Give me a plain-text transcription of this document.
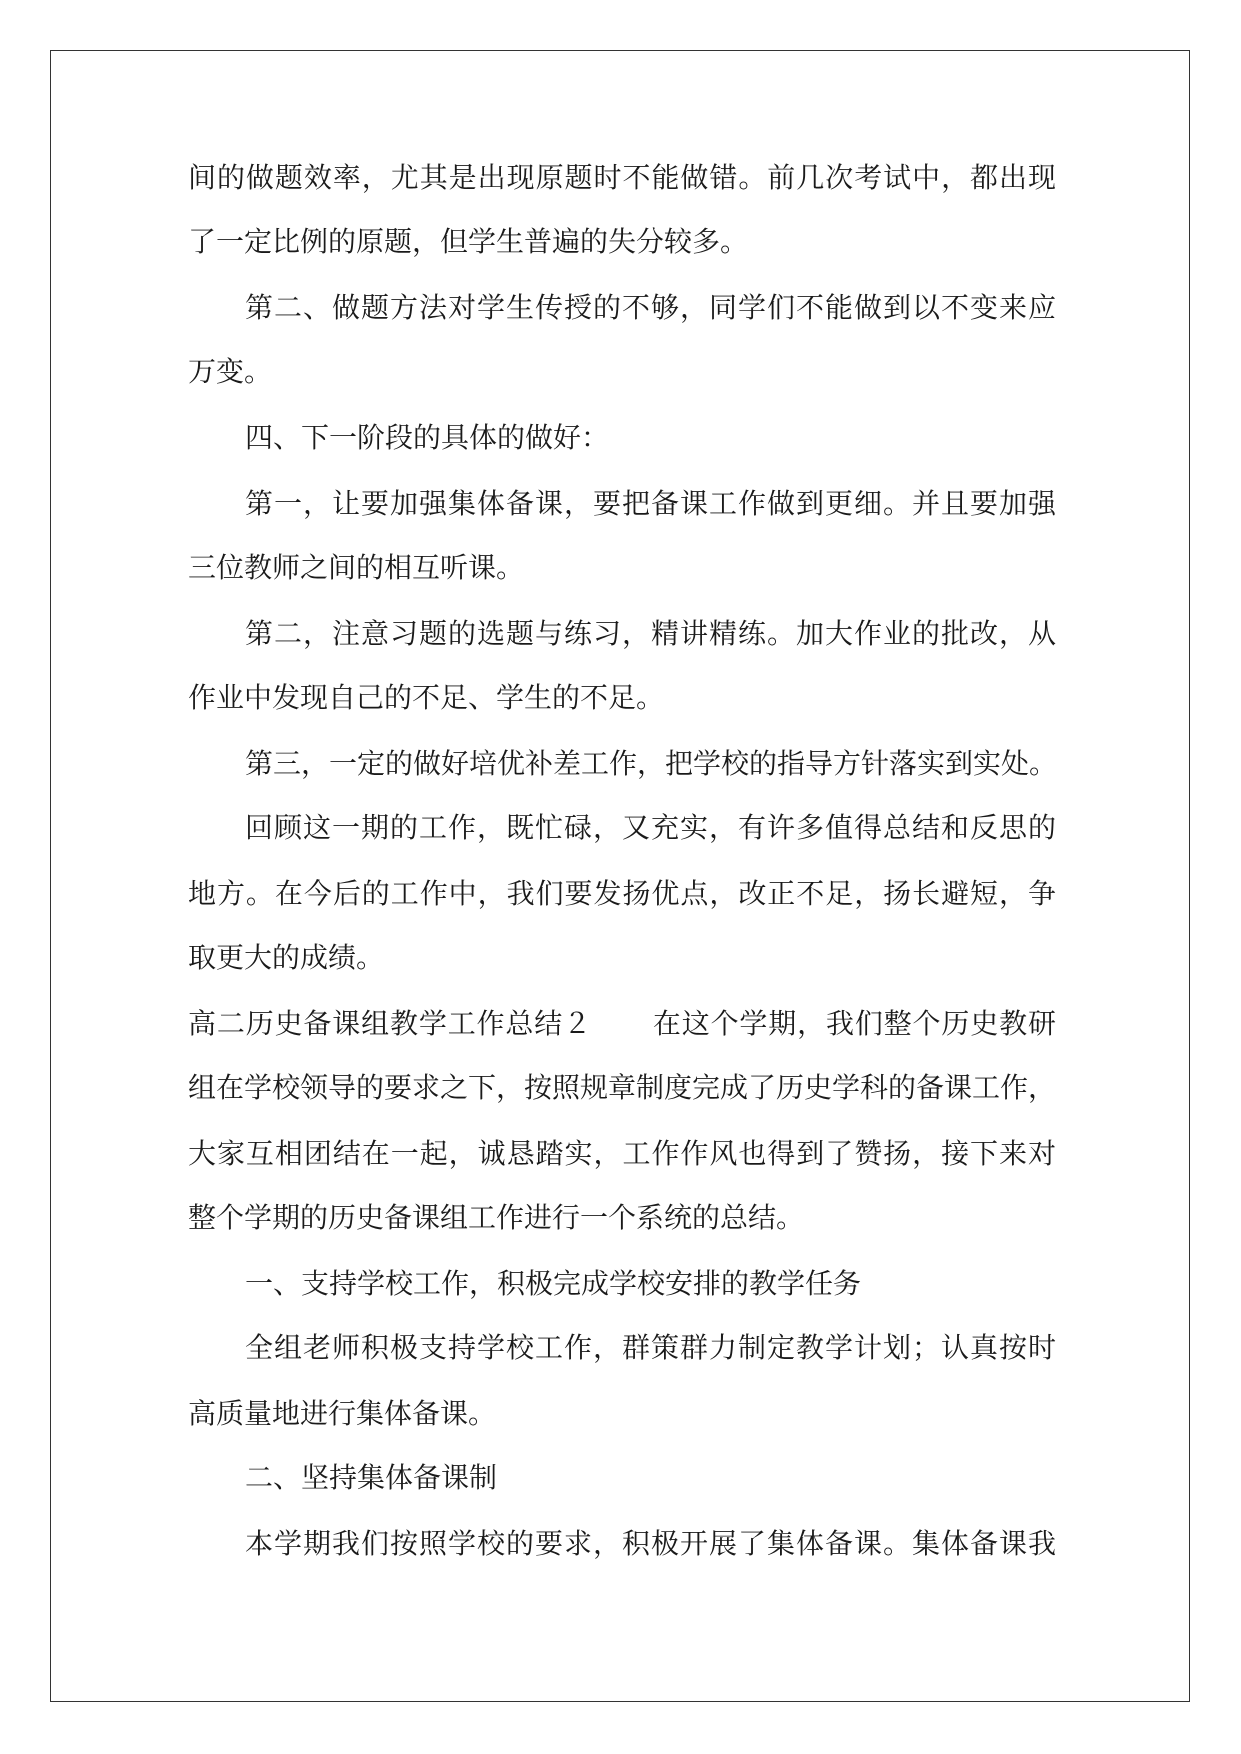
间的做题效率，尤其是出现原题时不能做错。前几次考试中，都出现
了一定比例的原题，但学生普遍的失分较多。
第二、做题方法对学生传授的不够，同学们不能做到以不变来应
万变。
四、下一阶段的具体的做好：
第一，让要加强集体备课，要把备课工作做到更细。并且要加强
三位教师之间的相互听课。
第二，注意习题的选题与练习，精讲精练。加大作业的批改，从
作业中发现自己的不足、学生的不足。
第三，一定的做好培优补差工作，把学校的指导方针落实到实处。
回顾这一期的工作，既忙碌，又充实，有许多值得总结和反思的
地方。在今后的工作中，我们要发扬优点，改正不足，扬长避短，争
取更大的成绩。
高二历史备课组教学工作总结２ 在这个学期，我们整个历史教研
组在学校领导的要求之下，按照规章制度完成了历史学科的备课工作，
大家互相团结在一起，诚恳踏实，工作作风也得到了赞扬，接下来对
整个学期的历史备课组工作进行一个系统的总结。
一、支持学校工作，积极完成学校安排的教学任务
全组老师积极支持学校工作，群策群力制定教学计划；认真按时
高质量地进行集体备课。
二、坚持集体备课制
本学期我们按照学校的要求，积极开展了集体备课。集体备课我
